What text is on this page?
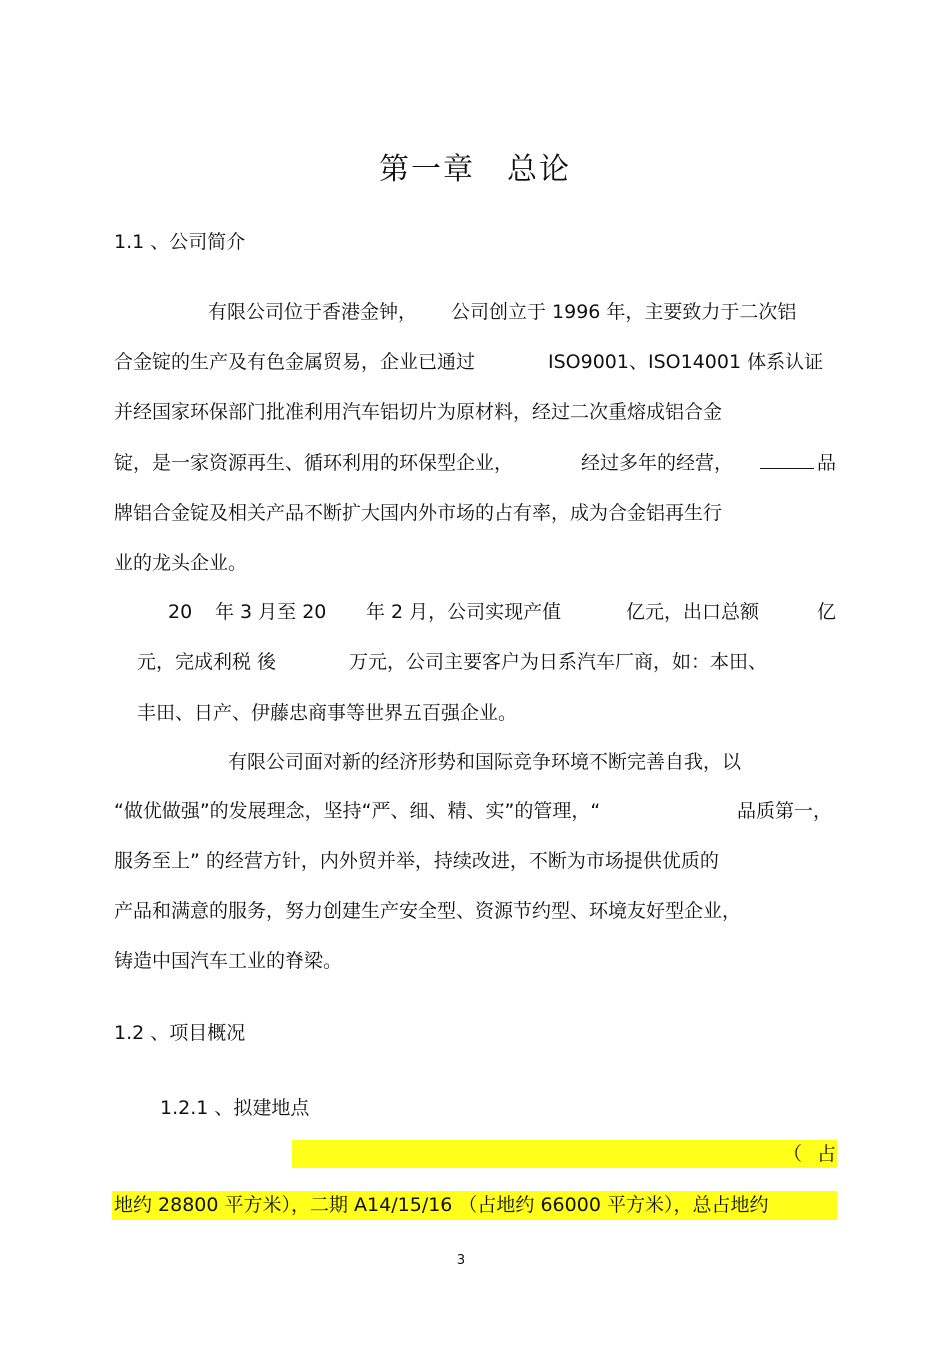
第一章　总论
1.1 、公司简介
有限公司位于香港金钟， 公司创立于 1996 年，主要致力于二次铝
合金锭的生产及有色金属贸易，企业已通过	ISO9001、ISO14001 体系认证
并经国家环保部门批准利用汽车铝切片为原材料，经过二次重熔成铝合金
锭，是一家资源再生、循环利用的环保型企业，	经过多年的经营，	品
牌铝合金锭及相关产品不断扩大国内外市场的占有率，成为合金铝再生行
业的龙头企业。
20 年 3 月至 20 年 2 月，公司实现产值	亿元，出口总额	亿
元，完成利税 後	万元，公司主要客户为日系汽车厂商，如：本田、
丰田、日产、伊藤忠商事等世界五百强企业。
有限公司面对新的经济形势和国际竞争环境不断完善自我，以
“做优做强”的发展理念，坚持“严、细、精、实”的管理，“	品质第一，
服务至上” 的经营方针，内外贸并举，持续改进，不断为市场提供优质的
产品和满意的服务，努力创建生产安全型、资源节约型、环境友好型企业，
铸造中国汽车工业的脊梁。
1.2 、项目概况
1.2.1 、拟建地点
（ 占
地约 28800 平方米），二期 A14/15/16 （占地约 66000 平方米），总占地约
3
